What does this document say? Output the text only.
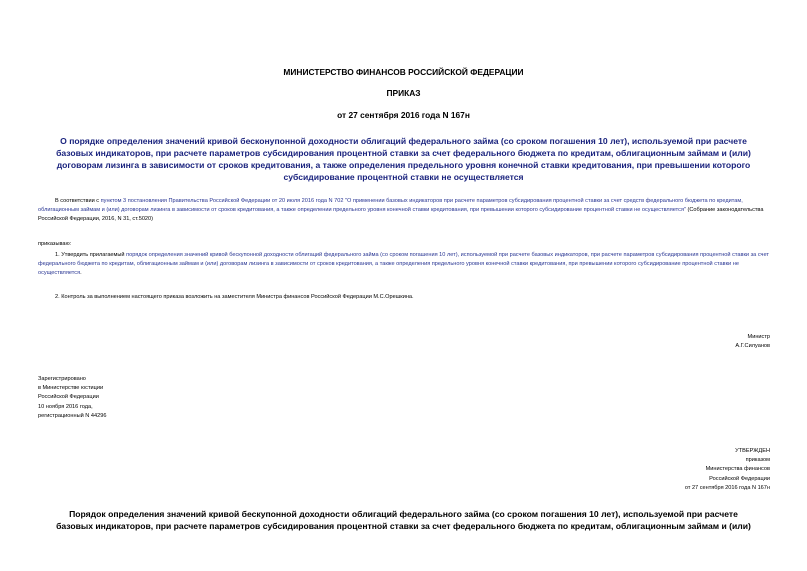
МИНИСТЕРСТВО ФИНАНСОВ РОССИЙСКОЙ ФЕДЕРАЦИИ
ПРИКАЗ
от 27 сентября 2016 года N 167н
О порядке определения значений кривой бесконупонной доходности облигаций федерального займа (со сроком погашения 10 лет), используемой при расчете
базовых индикаторов, при расчете параметров субсидирования процентной ставки за счет федерального бюджета по кредитам, облигационным займам и (или)
договорам лизинга в зависимости от сроков кредитования, а также определения предельного уровня конечной ставки кредитования, при превышении которого
субсидирование процентной ставки не осуществляется
В соответствии с пунктом 3 постановления Правительства Российской Федерации от 20 июля 2016 года N 702 "О применении базовых индикаторов при расчете параметров субсидирования процентной ставки за счет средств федерального бюджета по кредитам, облигационным займам и (или) договорам лизинга в зависимости от сроков кредитования, а также определении предельного уровня конечной ставки кредитования, при превышении которого субсидирование процентной ставки не осуществляется" (Собрание законодательства Российской Федерации, 2016, N 31, ст.5020)
приказываю:
1. Утвердить прилагаемый порядок определения значений кривой бескупонной доходности облигаций федерального займа (со сроком погашения 10 лет), используемой при расчете базовых индикаторов, при расчете параметров субсидирования процентной ставки за счет федерального бюджета по кредитам, облигационным займам и (или) договорам лизинга в зависимости от сроков кредитования, а также определения предельного уровня конечной ставки кредитования, при превышении которого субсидирование процентной ставки не осуществляется.
2. Контроль за выполнением настоящего приказа возложить на заместителя Министра финансов Российской Федерации М.С.Орешкина.
Министр
А.Г.Силуанов
Зарегистрировано
в Министерстве юстиции
Российской Федерации
10 ноября 2016 года,
регистрационный N 44296
УТВЕРЖДЕН
приказом
Министерства финансов
Российской Федерации
от 27 сентября 2016 года N 167н
Порядок определения значений кривой бескупонной доходности облигаций федерального займа (со сроком погашения 10 лет), используемой при расчете
базовых индикаторов, при расчете параметров субсидирования процентной ставки за счет федерального бюджета по кредитам, облигационным займам и (или)
